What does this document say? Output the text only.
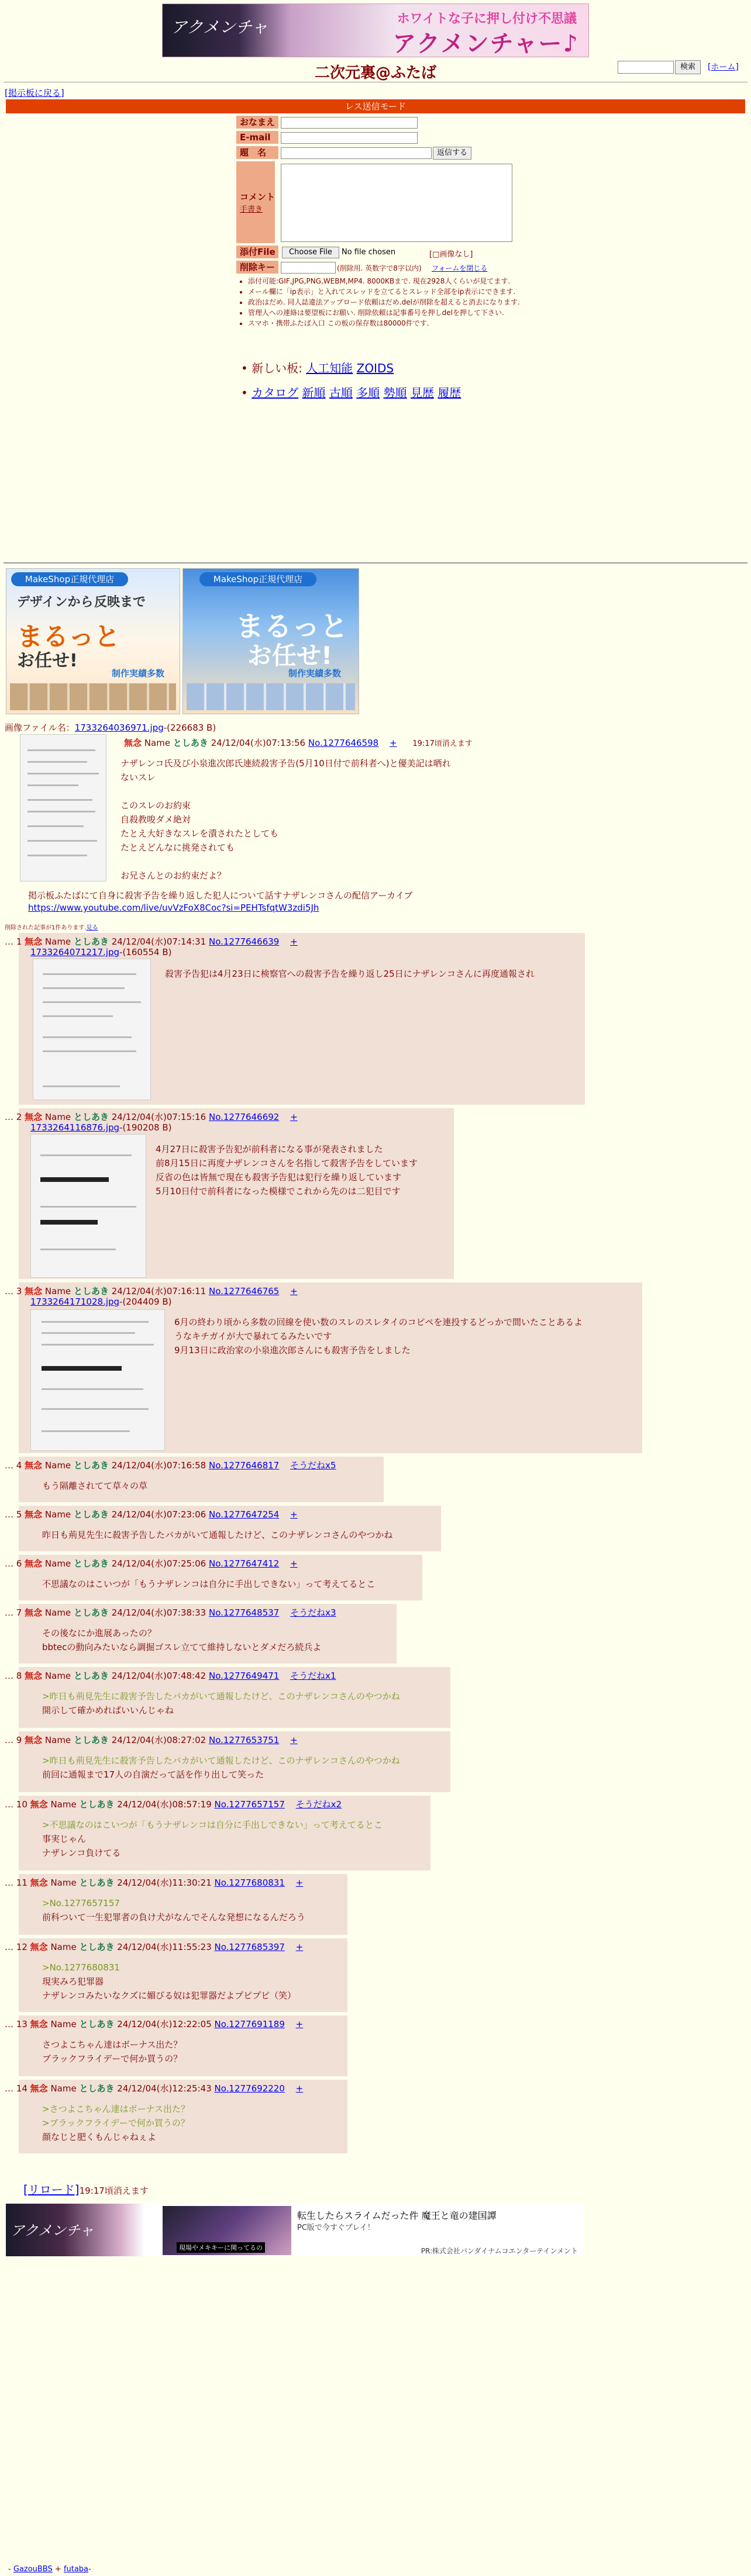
アクメンチャ	ホワイトな子に押し付け不思議
アクメンチャー♪
二次元裏@ふたば	検索	[ホーム]
[掲示板に戻る]
レス送信モード
おなまえ
E-mail
題　名	返信する
コメント
手書き
添付File	Choose File	No file chosen	[□画像なし]
削除キー	(削除用. 英数字で8字以内) フォームを閉じる
• 添付可能:GIF,JPG,PNG,WEBM,MP4. 8000KBまで. 現在2928人くらいが見てます.
• メール欄に「ip表示」と入れてスレッドを立てるとスレッド全部をip表示にできます.
• 政治はだめ. 同人誌違法アップロード依頼はだめ.delが削除を超えると消去になります.
• 管理人への連絡は要望板にお願い. 削除依頼は記事番号を押しdelを押して下さい.
• スマホ・携帯ふたば入口 この板の保存数は80000件です.
• 新しい板: 人工知能 ZOIDS
• カタログ 新順 古順 多順 勢順 見歴 履歴
MakeShop正規代理店
デザインから 反映まで
まるっと
お任せ!
制作実績多数
MakeShop正規代理店
まるっと
お任せ!
制作実績多数
画像ファイル名：1733264036971.jpg-(226683 B)
無念 Name としあき 24/12/04(水)07:13:56 No.1277646598 + 19:17頃消えます
ナザレンコ氏及び小泉進次郎氏連続殺害予告(5月10日付で前科者へ)と優美記は晒れ
ないスレ

このスレのお約束
自殺教唆ダメ絶対
たとえ大好きなスレを潰されたとしても
たとえどんなに挑発されても

お兄さんとのお約束だよ？
掲示板ふたばにて自身に殺害予告を繰り返した犯人について話すナザレンコさんの配信アーカイブ
https://www.youtube.com/live/uvVzFoX8Coc?si=PEHTsfqtW3zdi5Jh
削除された記事が1件あります.見る
… 1 無念 Name としあき 24/12/04(水)07:14:31 No.1277646639 +
1733264071217.jpg-(160554 B)
殺害予告犯は4月23日に検察官への殺害予告を繰り返し25日にナザレンコさんに再度通報され
… 2 無念 Name としあき 24/12/04(水)07:15:16 No.1277646692 +
1733264116876.jpg-(190208 B)
4月27日に殺害予告犯が前科者になる事が発表されました
前8月15日に再度ナザレンコさんを名指して殺害予告をしています
反省の色は皆無で現在も殺害予告犯は犯行を繰り返しています
5月10日付で前科者になった模様でこれから先のは二犯目です
… 3 無念 Name としあき 24/12/04(水)07:16:11 No.1277646765 +
1733264171028.jpg-(204409 B)
6月の終わり頃から多数の回線を使い数のスレのスレタイのコピペを連投するどっかで間いたことあるよ
うなキチガイが大で暴れてるみたいです
9月13日に政治家の小泉進次郎さんにも殺害予告をしました
… 4 無念 Name としあき 24/12/04(水)07:16:58 No.1277646817 そうだねx5
もう隔離されてて草々の草
… 5 無念 Name としあき 24/12/04(水)07:23:06 No.1277647254 +
昨日も荊見先生に殺害予告したバカがいて通報したけど、このナザレンコさんのやつかね
… 6 無念 Name としあき 24/12/04(水)07:25:06 No.1277647412 +
不思議なのはこいつが「もうナザレンコは自分に手出しできない」って考えてるとこ
… 7 無念 Name としあき 24/12/04(水)07:38:33 No.1277648537 そうだねx3
その後なにか進展あったの？
bbtecの動向みたいなら調掘ゴスレ立てて維持しないとダメだろ続兵よ
… 8 無念 Name としあき 24/12/04(水)07:48:42 No.1277649471 そうだねx1
>昨日も荊見先生に殺害予告したバカがいて通報したけど、このナザレンコさんのやつかね
開示して確かめればいいんじゃね
… 9 無念 Name としあき 24/12/04(水)08:27:02 No.1277653751 +
>昨日も荊見先生に殺害予告したバカがいて通報したけど、このナザレンコさんのやつかね
前回に通報まで17人の自演だって話を作り出して笑った
… 10 無念 Name としあき 24/12/04(水)08:57:19 No.1277657157 そうだねx2
>不思議なのはこいつが「もうナザレンコは自分に手出しできない」って考えてるとこ
事実じゃん
ナザレンコ負けてる
… 11 無念 Name としあき 24/12/04(水)11:30:21 No.1277680831 +
>No.1277657157
前科ついて一生犯罪者の負け犬がなんでそんな発想になるんだろう
… 12 無念 Name としあき 24/12/04(水)11:55:23 No.1277685397 +
>No.1277680831
現実みろ犯罪器
ナザレンコみたいなクズに媚びる奴は犯罪器だよプピプピ（笑）
… 13 無念 Name としあき 24/12/04(水)12:22:05 No.1277691189 +
さつよこちゃん達はボーナス出た？
ブラックフライデーで何か買うの？
… 14 無念 Name としあき 24/12/04(水)12:25:43 No.1277692220 +
>さつよこちゃん達はボーナス出た？
>ブラックフライデーで何か買うの？
顔なじと肥くもんじゃねぇよ
[リロード]19:17頃消えます
アクメンチャ
現場やメキキーに関ってるの
転生したらスライムだった件 魔王と竜の建国譚
PC版で今すぐプレイ！
PR:株式会社バンダイナムコエンターテインメント
- GazouBBS + futaba-
